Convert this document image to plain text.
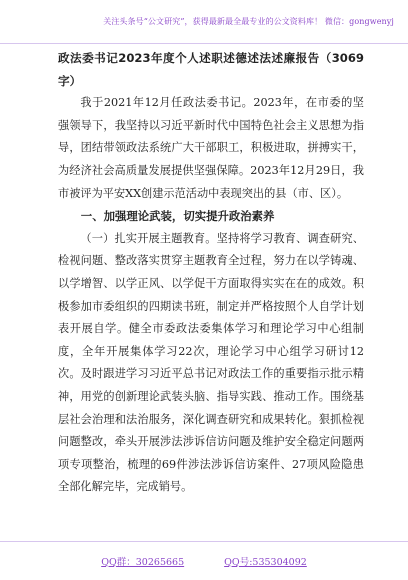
关注头条号“公文研究”，获得最新最全最专业的公文资料库！ 微信：gongwenyj
政法委书记2023年度个人述职述德述法述廉报告（3069字）

我于2021年12月任政法委书记。2023年，在市委的坚强领导下，我坚持以习近平新时代中国特色社会主义思想为指导，团结带领政法系统广大干部职工，积极进取，拼搏实干，为经济社会高质量发展提供坚强保障。2023年12月29日，我市被评为平安XX创建示范活动中表现突出的县（市、区）。

一、加强理论武装，切实提升政治素养

（一）扎实开展主题教育。坚持将学习教育、调查研究、检视问题、整改落实贯穿主题教育全过程，努力在以学铸魂、以学增智、以学正风、以学促干方面取得实实在在的成效。积极参加市委组织的四期读书班，制定并严格按照个人自学计划表开展自学。健全市委政法委集体学习和理论学习中心组制度，全年开展集体学习22次，理论学习中心组学习研讨12次。及时跟进学习习近平总书记对政法工作的重要指示批示精神，用党的创新理论武装头脑、指导实践、推动工作。围绕基层社会治理和法治服务，深化调查研究和成果转化。狠抓检视问题整改，牵头开展涉法涉诉信访问题及维护安全稳定问题两项专项整治，梳理的69件涉法涉诉信访案件、27项风险隐患全部化解完毕，完成销号。

QQ群：30265665	QQ号:535304092
